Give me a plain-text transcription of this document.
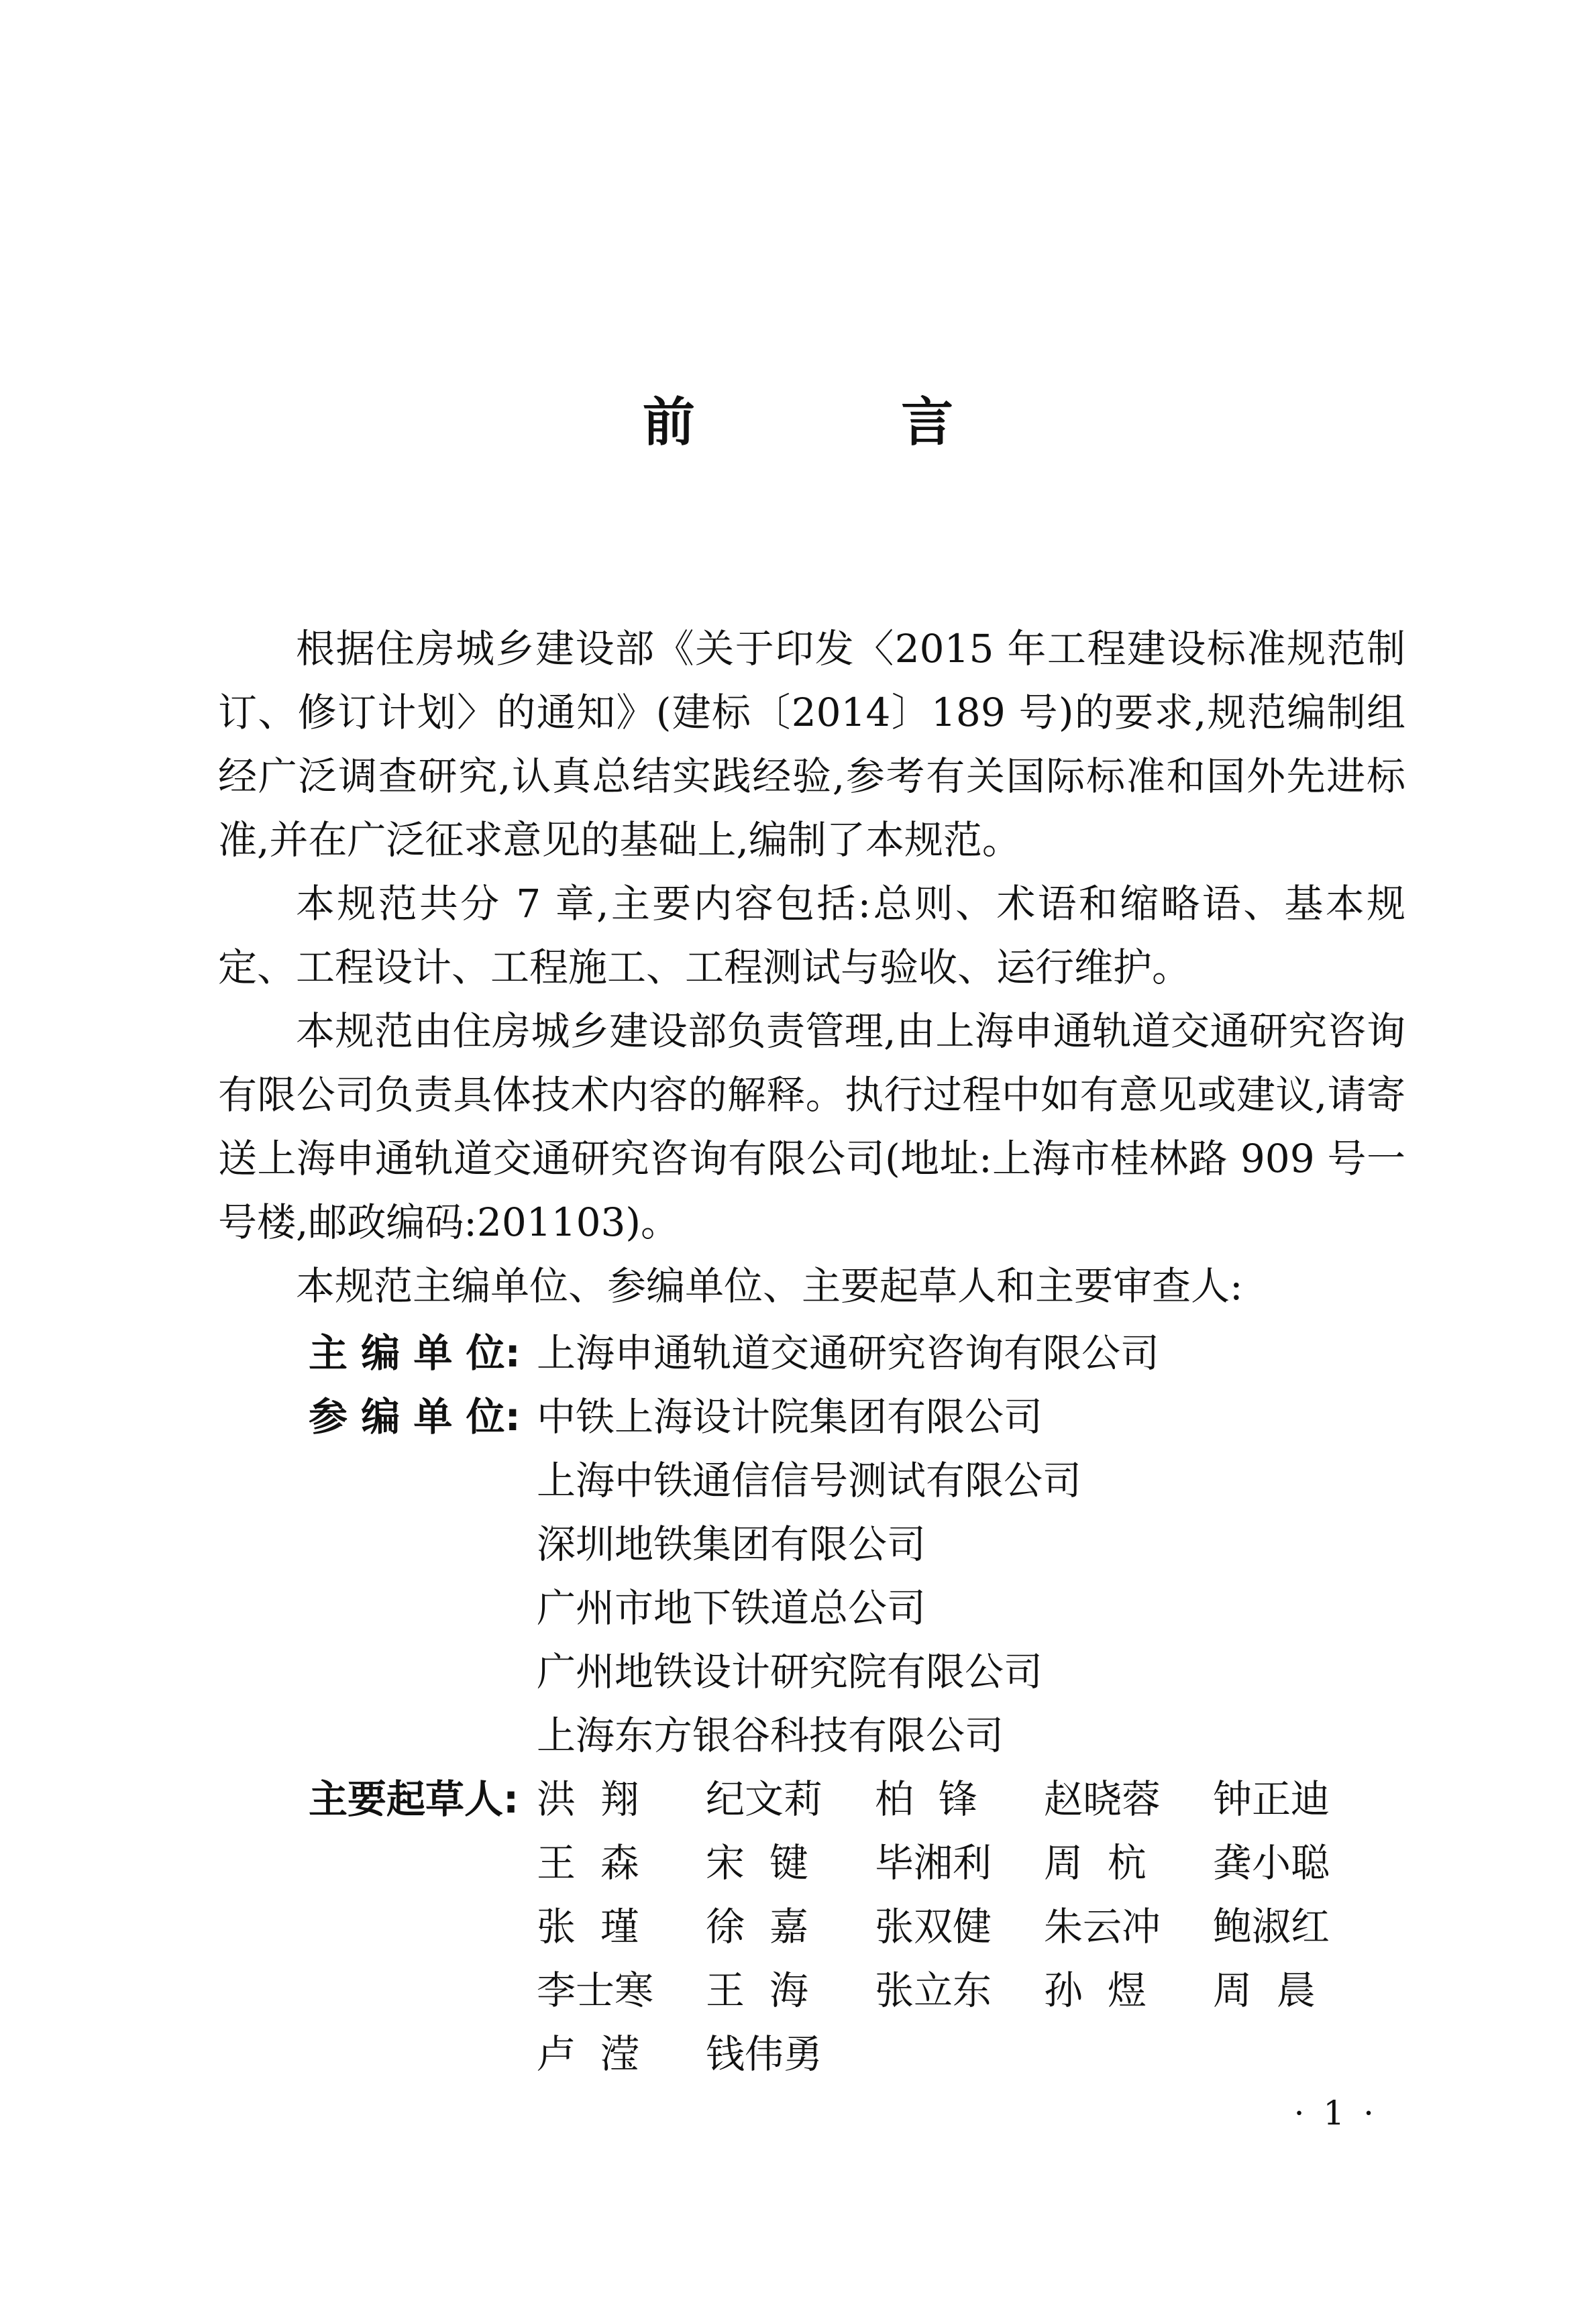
前 言

根据住房城乡建设部《关于印发〈2015 年工程建设标准规范制订、修订计划〉的通知》(建标〔2014〕189 号)的要求,规范编制组经广泛调查研究,认真总结实践经验,参考有关国际标准和国外先进标准,并在广泛征求意见的基础上,编制了本规范。

本规范共分 7 章,主要内容包括:总则、术语和缩略语、基本规定、工程设计、工程施工、工程测试与验收、运行维护。

本规范由住房城乡建设部负责管理,由上海申通轨道交通研究咨询有限公司负责具体技术内容的解释。执行过程中如有意见或建议,请寄送上海申通轨道交通研究咨询有限公司(地址:上海市桂林路 909 号一号楼,邮政编码:201103)。

本规范主编单位、参编单位、主要起草人和主要审查人:

主 编 单 位: 上海申通轨道交通研究咨询有限公司
参 编 单 位: 中铁上海设计院集团有限公司
上海中铁通信信号测试有限公司
深圳地铁集团有限公司
广州市地下铁道总公司
广州地铁设计研究院有限公司
上海东方银谷科技有限公司
主要起草人: 洪  翔	纪文莉	柏  锋	赵晓蓉	钟正迪
王  森	宋  键	毕湘利	周  杭	龚小聪
张  瑾	徐  嘉	张双健	朱云冲	鲍淑红
李士寒	王  海	张立东	孙  煜	周  晨
卢  滢	钱伟勇
· 1 ·
